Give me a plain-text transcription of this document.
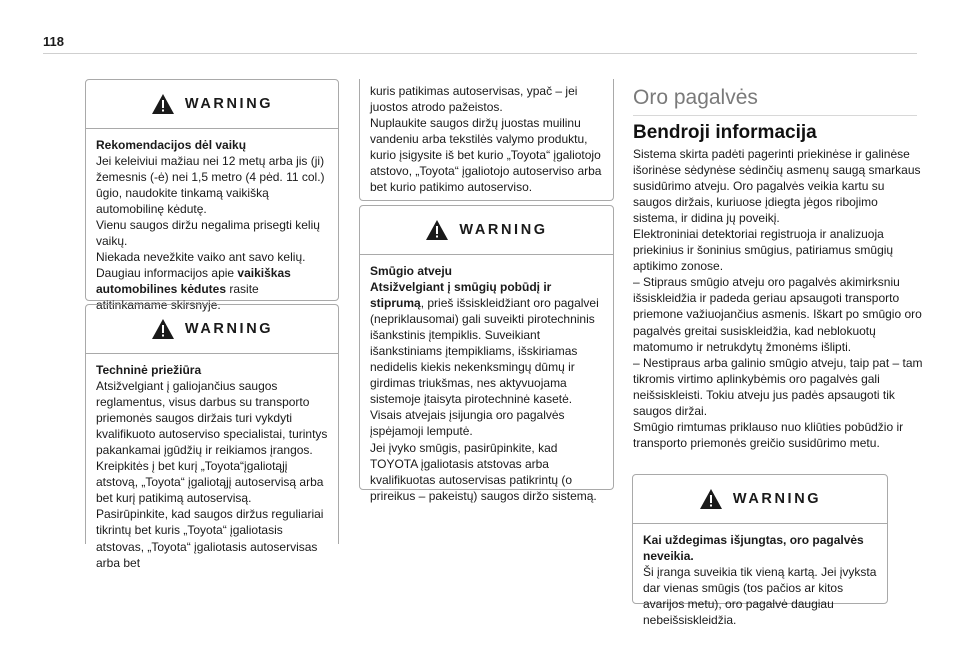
118
WARNING

Rekomendacijos dėl vaikų

Jei keleiviui mažiau nei 12 metų arba jis (ji) žemesnis (-ė) nei 1,5 metro (4 pėd. 11 col.) ūgio, naudokite tinkamą vaikišką automobilinę kėdutę.

Vienu saugos diržu negalima prisegti kelių vaikų.

Niekada nevežkite vaiko ant savo kelių.

Daugiau informacijos apie vaikiškas automobilines kėdutes rasite atitinkamame skirsnyje.

WARNING

Techninė priežiūra

Atsižvelgiant į galiojančius saugos reglamentus, visus darbus su transporto priemonės saugos diržais turi vykdyti kvalifikuoto autoserviso specialistai, turintys pakankamai įgūdžių ir reikiamos įrangos.

Kreipkitės į bet kurį „Toyota“įgaliotąjį atstovą, „Toyota“ įgaliotąjį autoservisą arba bet kurį patikimą autoservisą.

Pasirūpinkite, kad saugos diržus reguliariai tikrintų bet kuris „Toyota“ įgaliotasis atstovas, „Toyota“ įgaliotasis autoservisas arba bet

kuris patikimas autoservisas, ypač – jei juostos atrodo pažeistos.

Nuplaukite saugos diržų juostas muilinu vandeniu arba tekstilės valymo produktu, kurio įsigysite iš bet kurio „Toyota“ įgaliotojo atstovo, „Toyota“ įgaliotojo autoserviso arba bet kurio patikimo autoserviso.

WARNING

Smūgio atveju

Atsižvelgiant į smūgių pobūdį ir stiprumą, prieš išsiskleidžiant oro pagalvei (nepriklausomai) gali suveikti pirotechninis išankstinis įtempiklis. Suveikiant išankstiniams įtempikliams, išskiriamas nedidelis kiekis nekenksmingų dūmų ir girdimas triukšmas, nes aktyvuojama sistemoje įtaisyta pirotechninė kasetė.

Visais atvejais įsijungia oro pagalvės įspėjamoji lemputė.

Jei įvyko smūgis, pasirūpinkite, kad TOYOTA įgaliotasis atstovas arba kvalifikuotas autoservisas patikrintų (o prireikus – pakeistų) saugos diržo sistemą.

Oro pagalvės
Bendroji informacija

Sistema skirta padėti pagerinti priekinėse ir galinėse išorinėse sėdynėse sėdinčių asmenų saugą smarkaus susidūrimo atveju. Oro pagalvės veikia kartu su saugos diržais, kuriuose įdiegta jėgos ribojimo sistema, ir didina jų poveikį.

Elektroniniai detektoriai registruoja ir analizuoja priekinius ir šoninius smūgius, patiriamus smūgių aptikimo zonose.

– Stipraus smūgio atveju oro pagalvės akimirksniu išsiskleidžia ir padeda geriau apsaugoti transporto priemone važiuojančius asmenis. Iškart po smūgio oro pagalvės greitai susiskleidžia, kad neblokuotų matomumo ir netrukdytų žmonėms išlipti.

– Nestipraus arba galinio smūgio atveju, taip pat – tam tikromis virtimo aplinkybėmis oro pagalvės gali neišsiskleisti. Tokiu atveju jus padės apsaugoti tik saugos diržai.

Smūgio rimtumas priklauso nuo kliūties pobūdžio ir transporto priemonės greičio susidūrimo metu.

WARNING

Kai uždegimas išjungtas, oro pagalvės neveikia.

Ši įranga suveikia tik vieną kartą. Jei įvyksta dar vienas smūgis (tos pačios ar kitos avarijos metu), oro pagalvė daugiau nebeišsiskleidžia.
